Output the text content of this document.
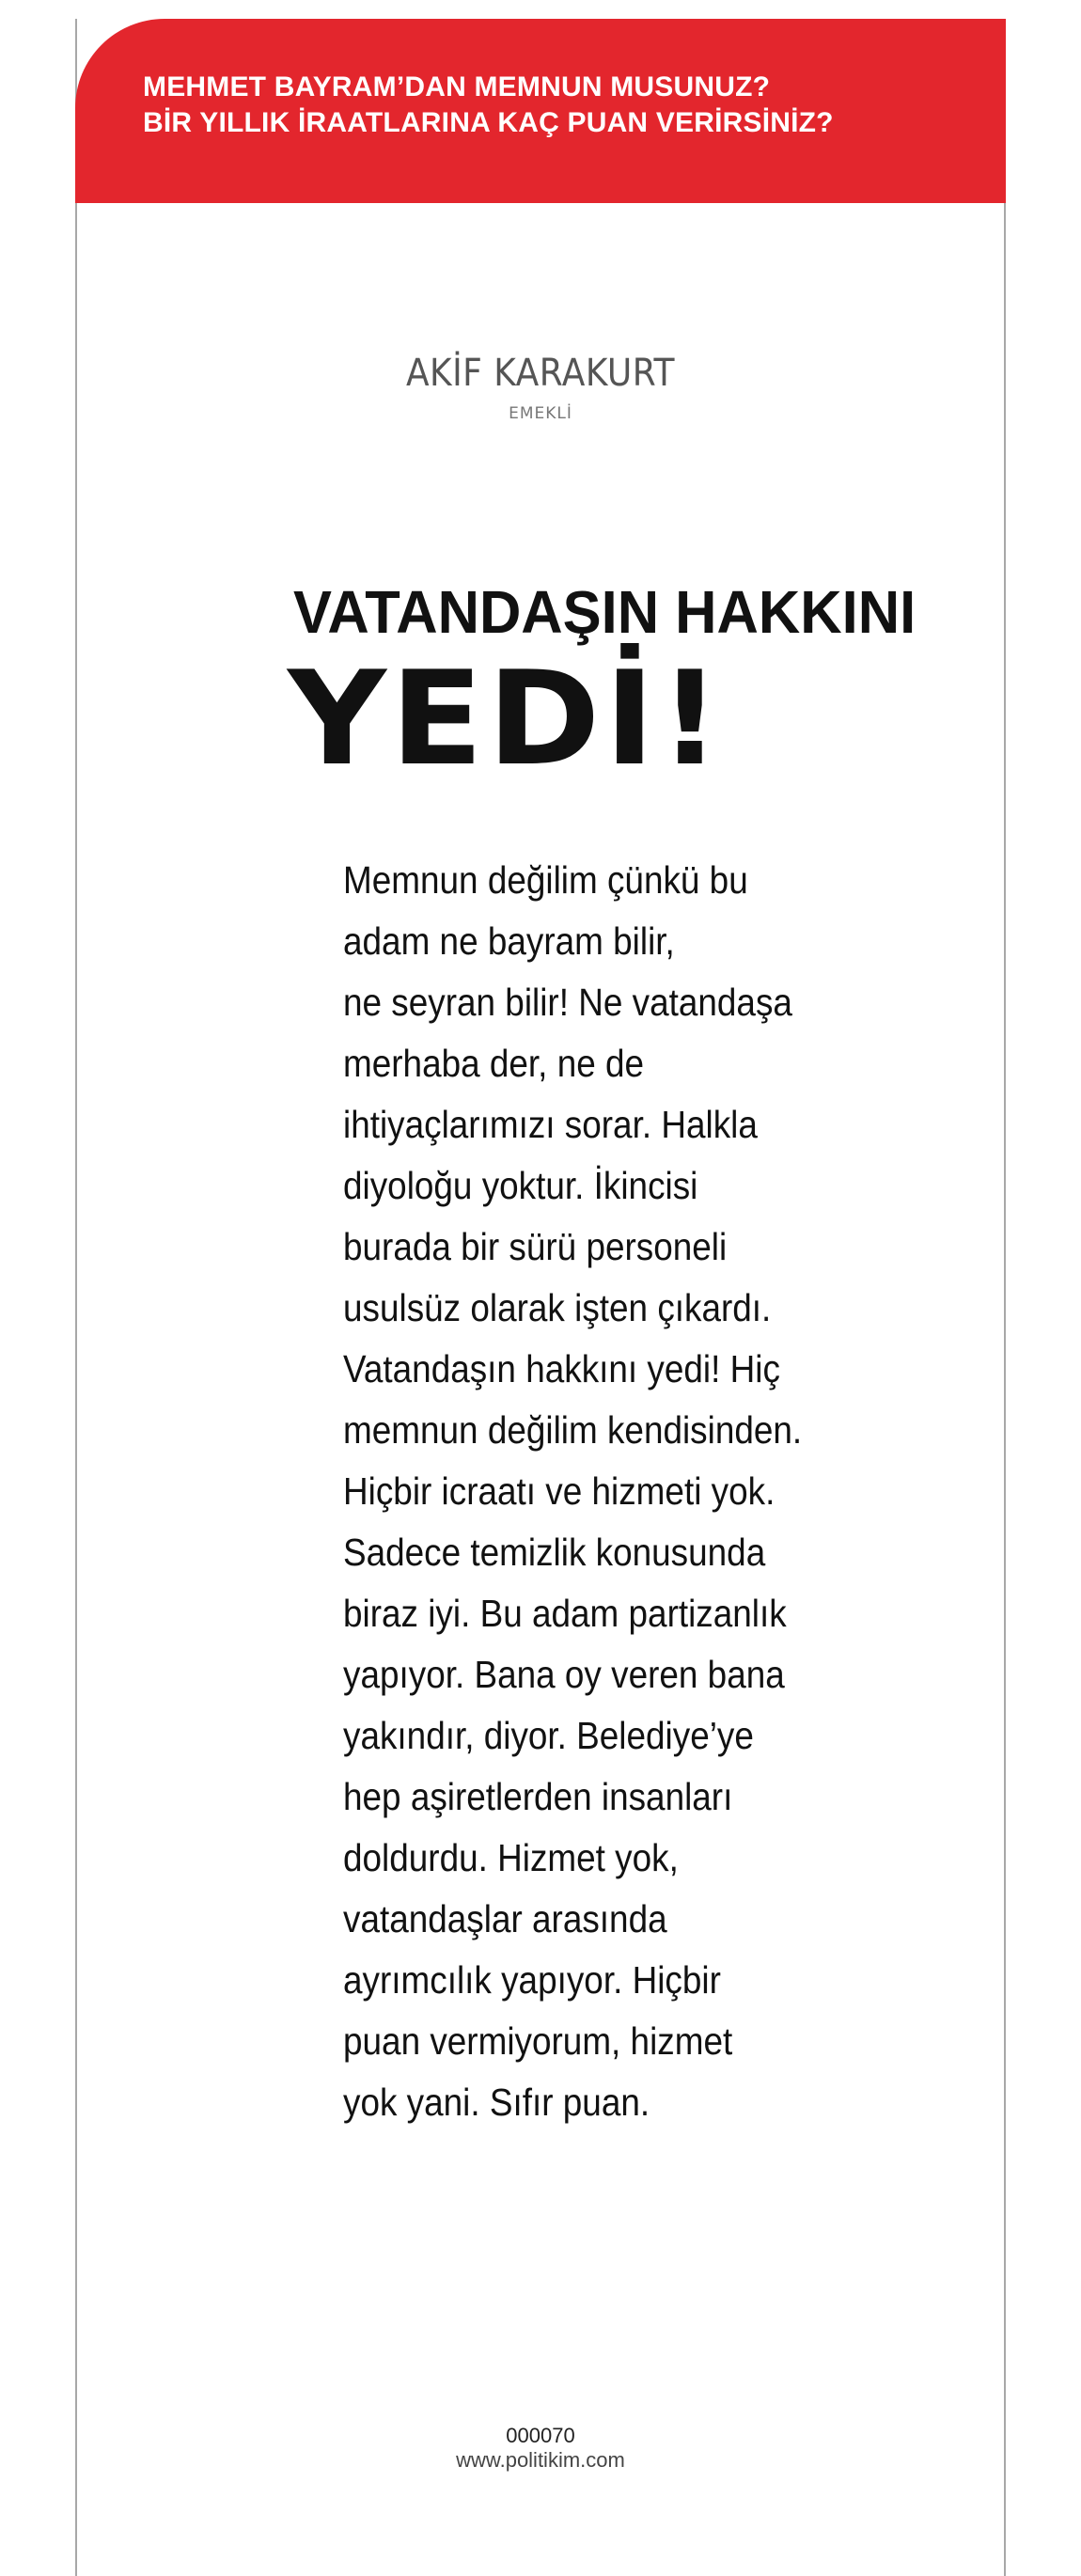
MEHMET BAYRAM’DAN MEMNUN MUSUNUZ?
BİR YILLIK İRAATLARINA KAÇ PUAN VERİRSİNİZ?
AKİF KARAKURT
EMEKLİ
VATANDAŞIN HAKKINI
YEDİ!
Memnun değilim çünkü bu
adam ne bayram bilir,
ne seyran bilir! Ne vatandaşa
merhaba der, ne de
ihtiyaçlarımızı sorar. Halkla
diyoloğu yoktur. İkincisi
burada bir sürü personeli
usulsüz olarak işten çıkardı.
Vatandaşın hakkını yedi! Hiç
memnun değilim kendisinden.
Hiçbir icraatı ve hizmeti yok.
Sadece temizlik konusunda
biraz iyi. Bu adam partizanlık
yapıyor. Bana oy veren bana
yakındır, diyor. Belediye’ye
hep aşiretlerden insanları
doldurdu. Hizmet yok,
vatandaşlar arasında
ayrımcılık yapıyor. Hiçbir
puan vermiyorum, hizmet
yok yani. Sıfır puan.
000070
www.politikim.com
